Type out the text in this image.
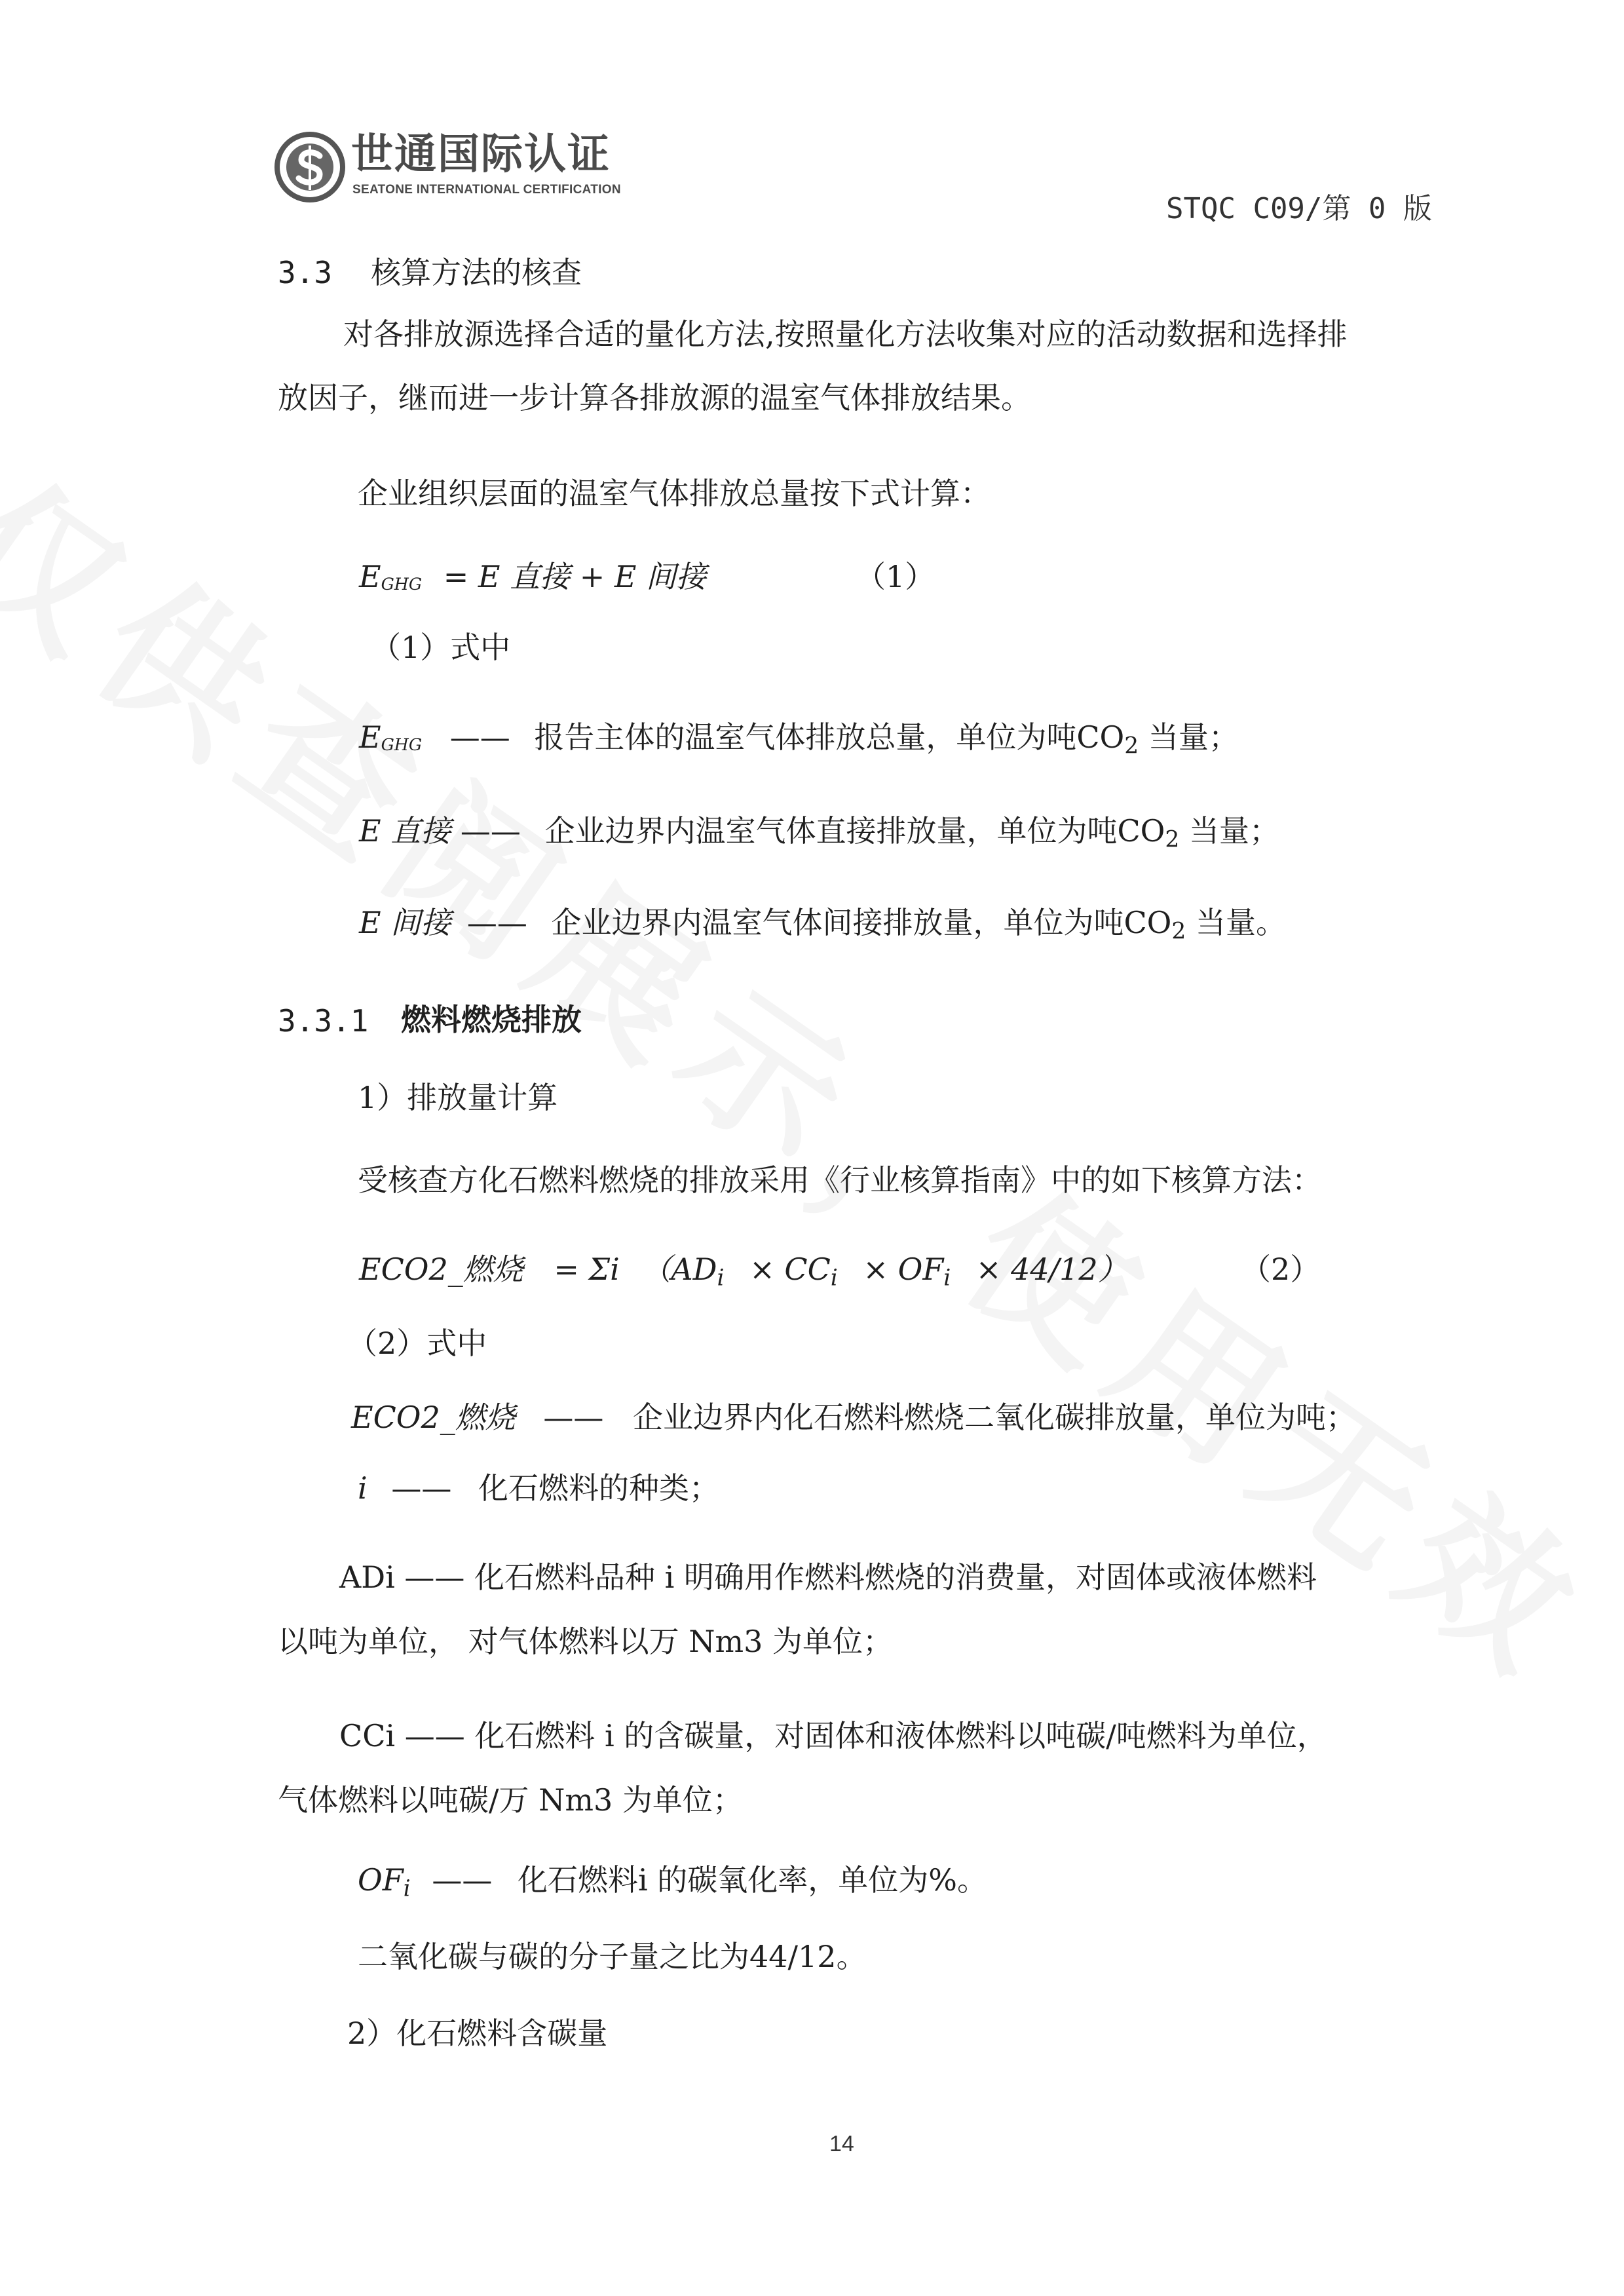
世通国际认证
SEATONE INTERNATIONAL CERTIFICATION
STQC C09/第 0 版
3.3 核算方法的核查
对各排放源选择合适的量化方法,按照量化方法收集对应的活动数据和选择排
放因子，继而进一步计算各排放源的温室气体排放结果。
企业组织层面的温室气体排放总量按下式计算：
EGHG = E 直接 + E 间接	（1）
（1）式中
EGHG —— 报告主体的温室气体排放总量，单位为吨CO2 当量；
E 直接 —— 企业边界内温室气体直接排放量，单位为吨CO2 当量；
E 间接 —— 企业边界内温室气体间接排放量，单位为吨CO2 当量。
3.3.1 燃料燃烧排放
1）排放量计算
受核查方化石燃料燃烧的排放采用《行业核算指南》中的如下核算方法：
ECO2_燃烧 = Σi （ADi × CCi × OFi × 44/12）	（2）
（2）式中
ECO2_燃烧 —— 企业边界内化石燃料燃烧二氧化碳排放量，单位为吨；
i —— 化石燃料的种类；
ADi —— 化石燃料品种 i 明确用作燃料燃烧的消费量，对固体或液体燃料
以吨为单位， 对气体燃料以万 Nm3 为单位；
CCi —— 化石燃料 i 的含碳量，对固体和液体燃料以吨碳/吨燃料为单位，
气体燃料以吨碳/万 Nm3 为单位；
OFi —— 化石燃料i 的碳氧化率，单位为%。
二氧化碳与碳的分子量之比为44/12。
2）化石燃料含碳量
14
